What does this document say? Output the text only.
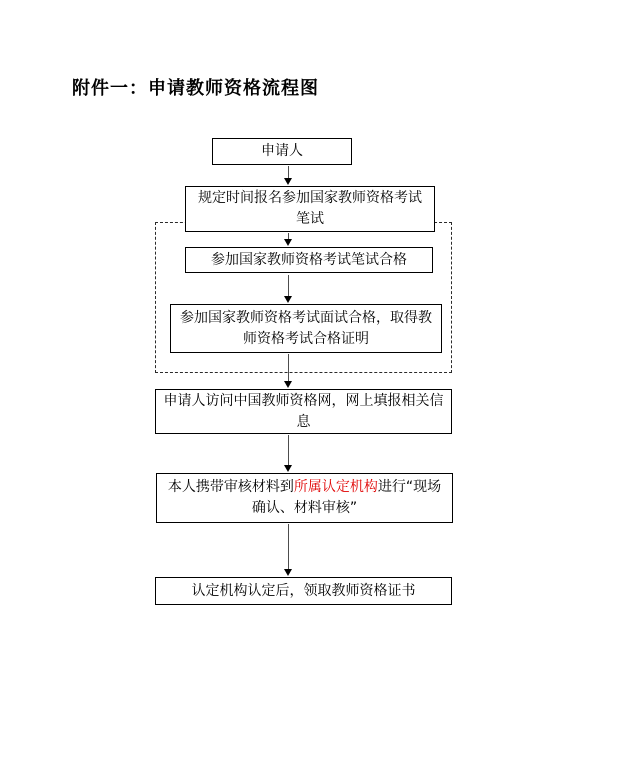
附件一：申请教师资格流程图
申请人
规定时间报名参加国家教师资格考试笔试
参加国家教师资格考试笔试合格
参加国家教师资格考试面试合格，取得教师资格考试合格证明
申请人访问中国教师资格网，网上填报相关信息
本人携带审核材料到所属认定机构进行“现场确认、材料审核”
认定机构认定后，领取教师资格证书
